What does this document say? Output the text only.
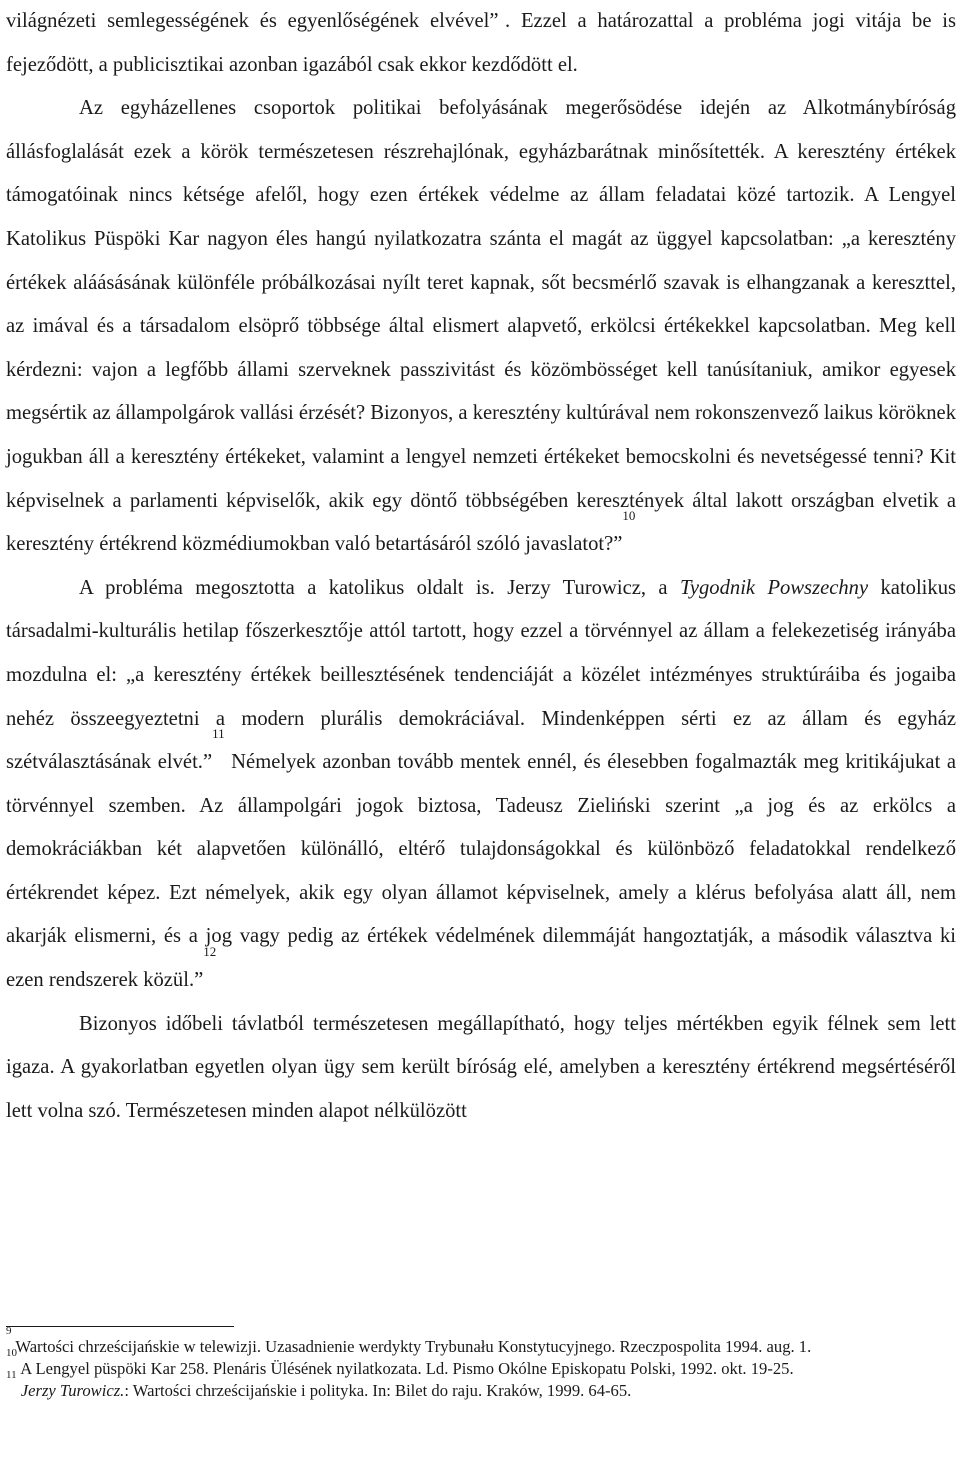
világnézeti semlegességének és egyenlőségének elvével” . Ezzel a határozattal a probléma jogi vitája be is fejeződött, a publicisztikai azonban igazából csak ekkor kezdődött el.

Az egyházellenes csoportok politikai befolyásának megerősödése idején az Alkotmánybíróság állásfoglalását ezek a körök természetesen részrehajlónak, egyházbarátnak minősítették. A keresztény értékek támogatóinak nincs kétsége afelől, hogy ezen értékek védelme az állam feladatai közé tartozik. A Lengyel Katolikus Püspöki Kar nagyon éles hangú nyilatkozatra szánta el magát az üggyel kapcsolatban: „a keresztény értékek aláásásának különféle próbálkozásai nyílt teret kapnak, sőt becsmérlő szavak is elhangzanak a kereszttel, az imával és a társadalom elsöprő többsége által elismert alapvető, erkölcsi értékekkel kapcsolatban. Meg kell kérdezni: vajon a legfőbb állami szerveknek passzivitást és közömbösséget kell tanúsítaniuk, amikor egyesek megsértik az állampolgárok vallási érzését? Bizonyos, a keresztény kultúrával nem rokonszenvező laikus köröknek jogukban áll a keresztény értékeket, valamint a lengyel nemzeti értékeket bemocskolni és nevetségessé tenni? Kit képviselnek a parlamenti képviselők, akik egy döntő többségében keresztények által lakott országban elvetik a keresztény értékrend közmédiumokban való betartásáról szóló javaslatot?”$^{10}$

A probléma megosztotta a katolikus oldalt is. Jerzy Turowicz, a Tygodnik Powszechny katolikus társadalmi-kulturális hetilap főszerkesztője attól tartott, hogy ezzel a törvénnyel az állam a felekezetiség irányába mozdulna el: „a keresztény értékek beillesztésének tendenciáját a közélet intézményes struktúráiba és jogaiba nehéz összeegyeztetni a modern plurális demokráciával. Mindenképpen sérti ez az állam és egyház szétválasztásának elvét.”$^{11}$ Némelyek azonban tovább mentek ennél, és élesebben fogalmazták meg kritikájukat a törvénnyel szemben. Az állampolgári jogok biztosa, Tadeusz Zieliński szerint „a jog és az erkölcs a demokráciákban két alapvetően különálló, eltérő tulajdonságokkal és különböző feladatokkal rendelkező értékrendet képez. Ezt némelyek, akik egy olyan államot képviselnek, amely a klérus befolyása alatt áll, nem akarják elismerni, és a jog vagy pedig az értékek védelmének dilemmáját hangoztatják, a második választva ki ezen rendszerek közül.”$^{12}$

Bizonyos időbeli távlatból természetesen megállapítható, hogy teljes mértékben egyik félnek sem lett igaza. A gyakorlatban egyetlen olyan ügy sem került bíróság elé, amelyben a keresztény értékrend megsértéséről lett volna szó. Természetesen minden alapot nélkülözött

$^9$ Wartości chrześcijańskie w telewizji. Uzasadnienie werdykty Trybunału Konstytucyjnego. Rzeczpospolita 1994. aug. 1.

$^{10}$ A Lengyel püspöki Kar 258. Plenáris Ülésének nyilatkozata. Ld. Pismo Okólne Episkopatu Polski, 1992. okt. 19-25.

$^{11}$ Jerzy Turowicz.: Wartości chrześcijańskie i polityka. In: Bilet do raju. Kraków, 1999. 64-65.
